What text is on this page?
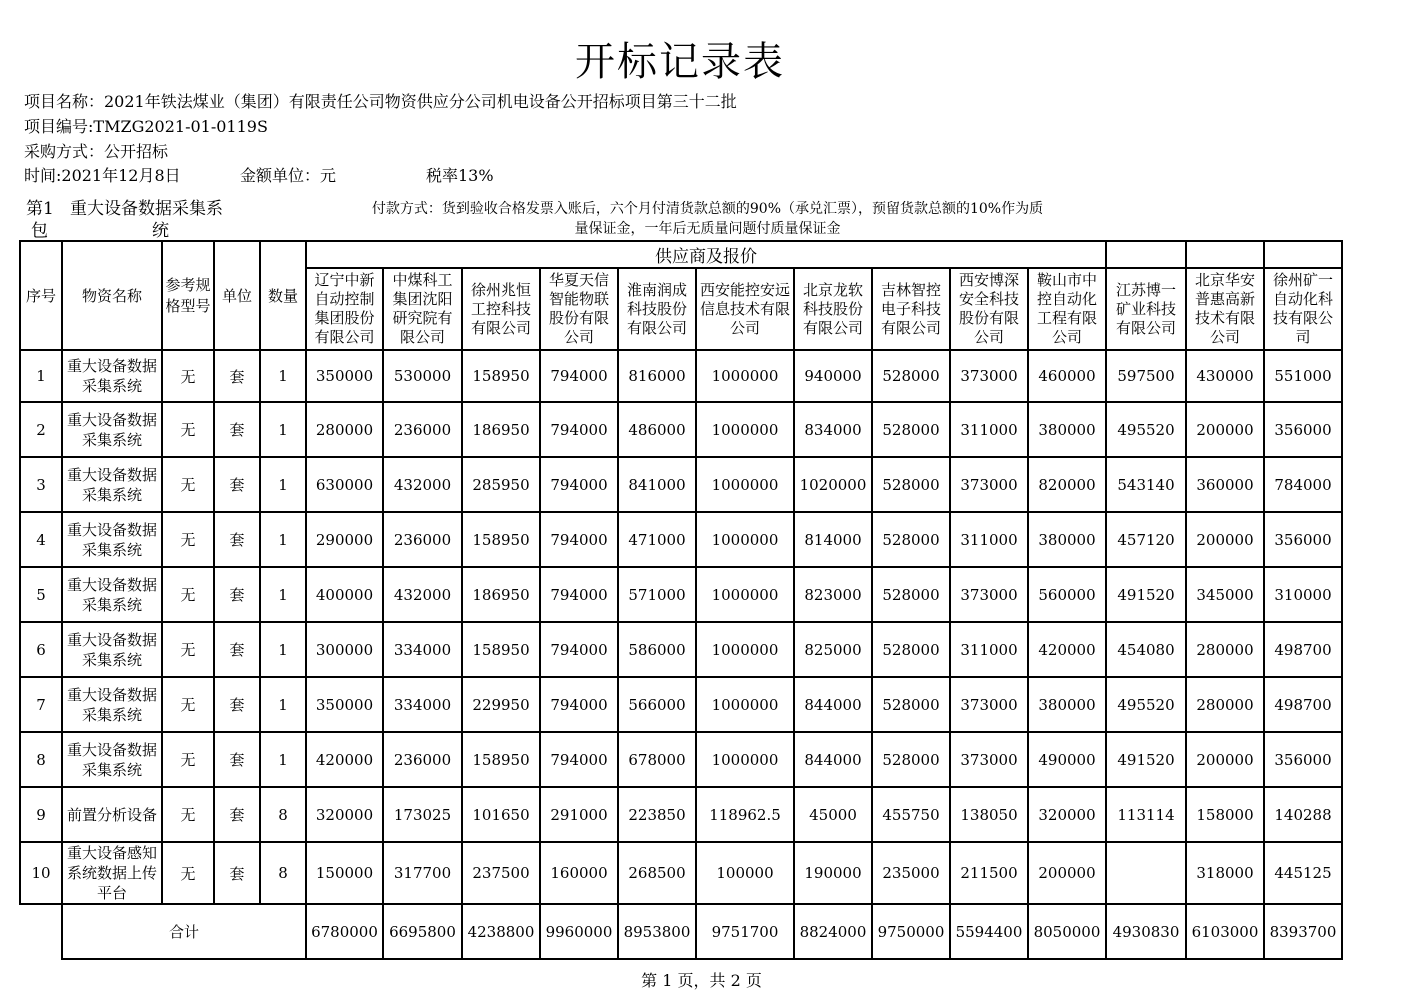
开标记录表
项目名称：2021年铁法煤业（集团）有限责任公司物资供应分公司机电设备公开招标项目第三十二批
项目编号:TMZG2021-01-0119S
采购方式：公开招标
时间:2021年12月8日	金额单位：元	税率13%
第1
包
重大设备数据采集系
统
付款方式：货到验收合格发票入账后，六个月付清货款总额的90%（承兑汇票），预留货款总额的10%作为质
量保证金，一年后无质量问题付质量保证金
序号	物资名称	参考规格型号	单位	数量	供应商及报价												
					辽宁中新自动控制集团股份有限公司	中煤科工集团沈阳研究院有限公司	徐州兆恒工控科技有限公司	华夏天信智能物联股份有限公司	淮南润成科技股份有限公司	西安能控安远信息技术有限公司	北京龙软科技股份有限公司	吉林智控电子科技有限公司	西安博深安全科技股份有限公司	鞍山市中控自动化工程有限公司	江苏博一矿业科技有限公司	北京华安普惠高新技术有限公司	徐州矿一自动化科技有限公司
1	重大设备数据采集系统	无	套	1	350000	530000	158950	794000	816000	1000000	940000	528000	373000	460000	597500	430000	551000
2	重大设备数据采集系统	无	套	1	280000	236000	186950	794000	486000	1000000	834000	528000	311000	380000	495520	200000	356000
3	重大设备数据采集系统	无	套	1	630000	432000	285950	794000	841000	1000000	1020000	528000	373000	820000	543140	360000	784000
4	重大设备数据采集系统	无	套	1	290000	236000	158950	794000	471000	1000000	814000	528000	311000	380000	457120	200000	356000
5	重大设备数据采集系统	无	套	1	400000	432000	186950	794000	571000	1000000	823000	528000	373000	560000	491520	345000	310000
6	重大设备数据采集系统	无	套	1	300000	334000	158950	794000	586000	1000000	825000	528000	311000	420000	454080	280000	498700
7	重大设备数据采集系统	无	套	1	350000	334000	229950	794000	566000	1000000	844000	528000	373000	380000	495520	280000	498700
8	重大设备数据采集系统	无	套	1	420000	236000	158950	794000	678000	1000000	844000	528000	373000	490000	491520	200000	356000
9	前置分析设备	无	套	8	320000	173025	101650	291000	223850	118962.5	45000	455750	138050	320000	113114	158000	140288
10	重大设备感知系统数据上传平台	无	套	8	150000	317700	237500	160000	268500	100000	190000	235000	211500	200000		318000	445125
	合计				6780000	6695800	4238800	9960000	8953800	9751700	8824000	9750000	5594400	8050000	4930830	6103000	8393700
第 1 页，共 2 页
